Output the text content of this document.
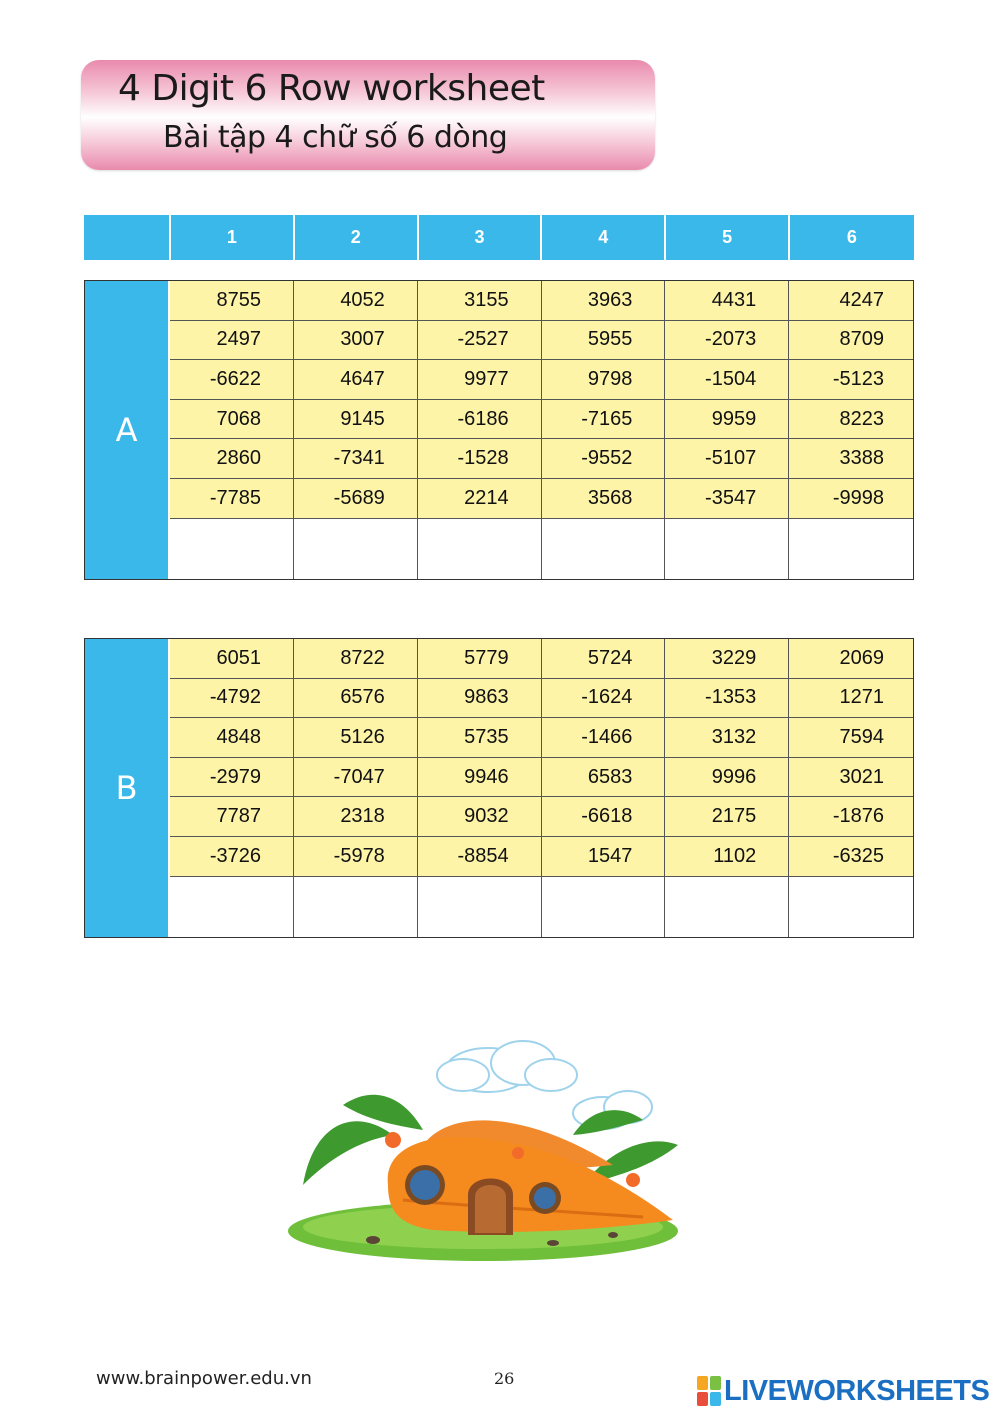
4 Digit 6 Row worksheet
Bài tập 4 chữ số 6 dòng
1	2	3	4	5	6
A
8755	4052	3155	3963	4431	4247
2497	3007	-2527	5955	-2073	8709
-6622	4647	9977	9798	-1504	-5123
7068	9145	-6186	-7165	9959	8223
2860	-7341	-1528	-9552	-5107	3388
-7785	-5689	2214	3568	-3547	-9998
B
6051	8722	5779	5724	3229	2069
-4792	6576	9863	-1624	-1353	1271
4848	5126	5735	-1466	3132	7594
-2979	-7047	9946	6583	9996	3021
7787	2318	9032	-6618	2175	-1876
-3726	-5978	-8854	1547	1102	-6325
www.brainpower.edu.vn	26	LIVEWORKSHEETS
